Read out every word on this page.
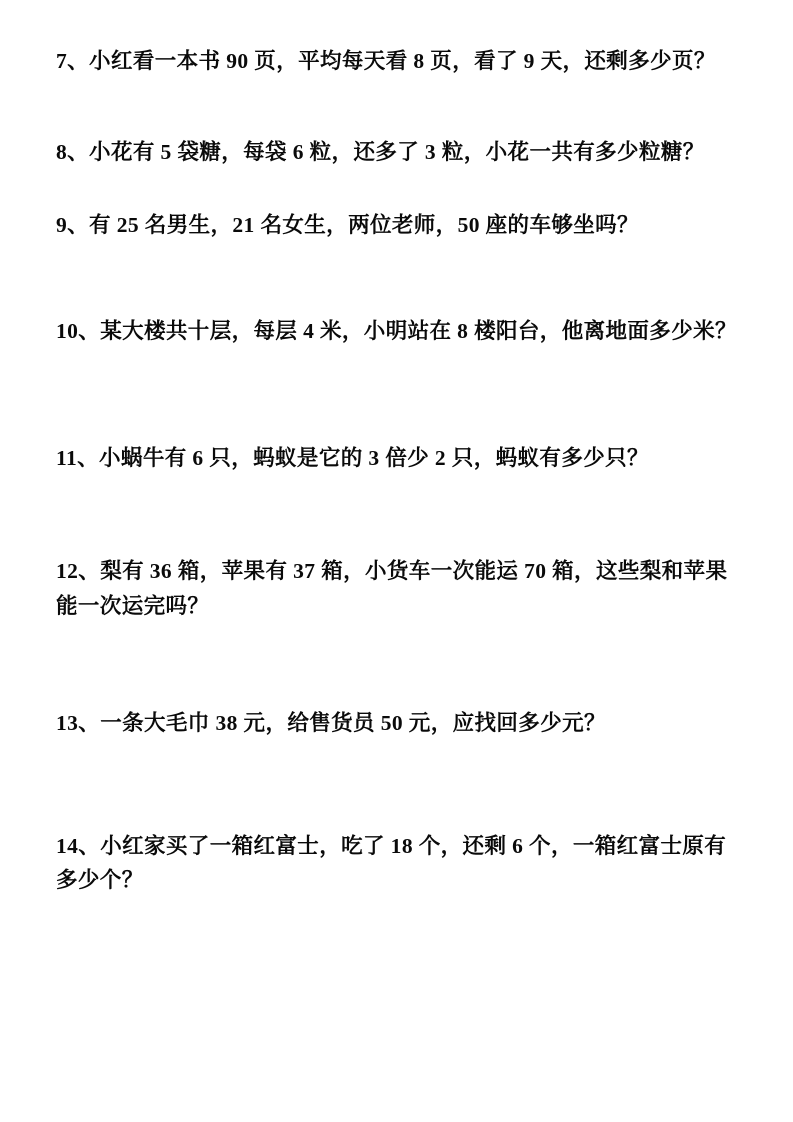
7、小红看一本书 90 页，平均每天看 8 页，看了 9 天，还剩多少页？

8、小花有 5 袋糖，每袋 6 粒，还多了 3 粒，小花一共有多少粒糖？

9、有 25 名男生，21 名女生，两位老师，50 座的车够坐吗？

10、某大楼共十层，每层 4 米，小明站在 8 楼阳台，他离地面多少米？

11、小蜗牛有 6 只，蚂蚁是它的 3 倍少 2 只，蚂蚁有多少只？

12、梨有 36 箱，苹果有 37 箱，小货车一次能运 70 箱，这些梨和苹果能一次运完吗？

13、一条大毛巾 38 元，给售货员 50 元，应找回多少元？

14、小红家买了一箱红富士，吃了 18 个，还剩 6 个，一箱红富士原有多少个？
